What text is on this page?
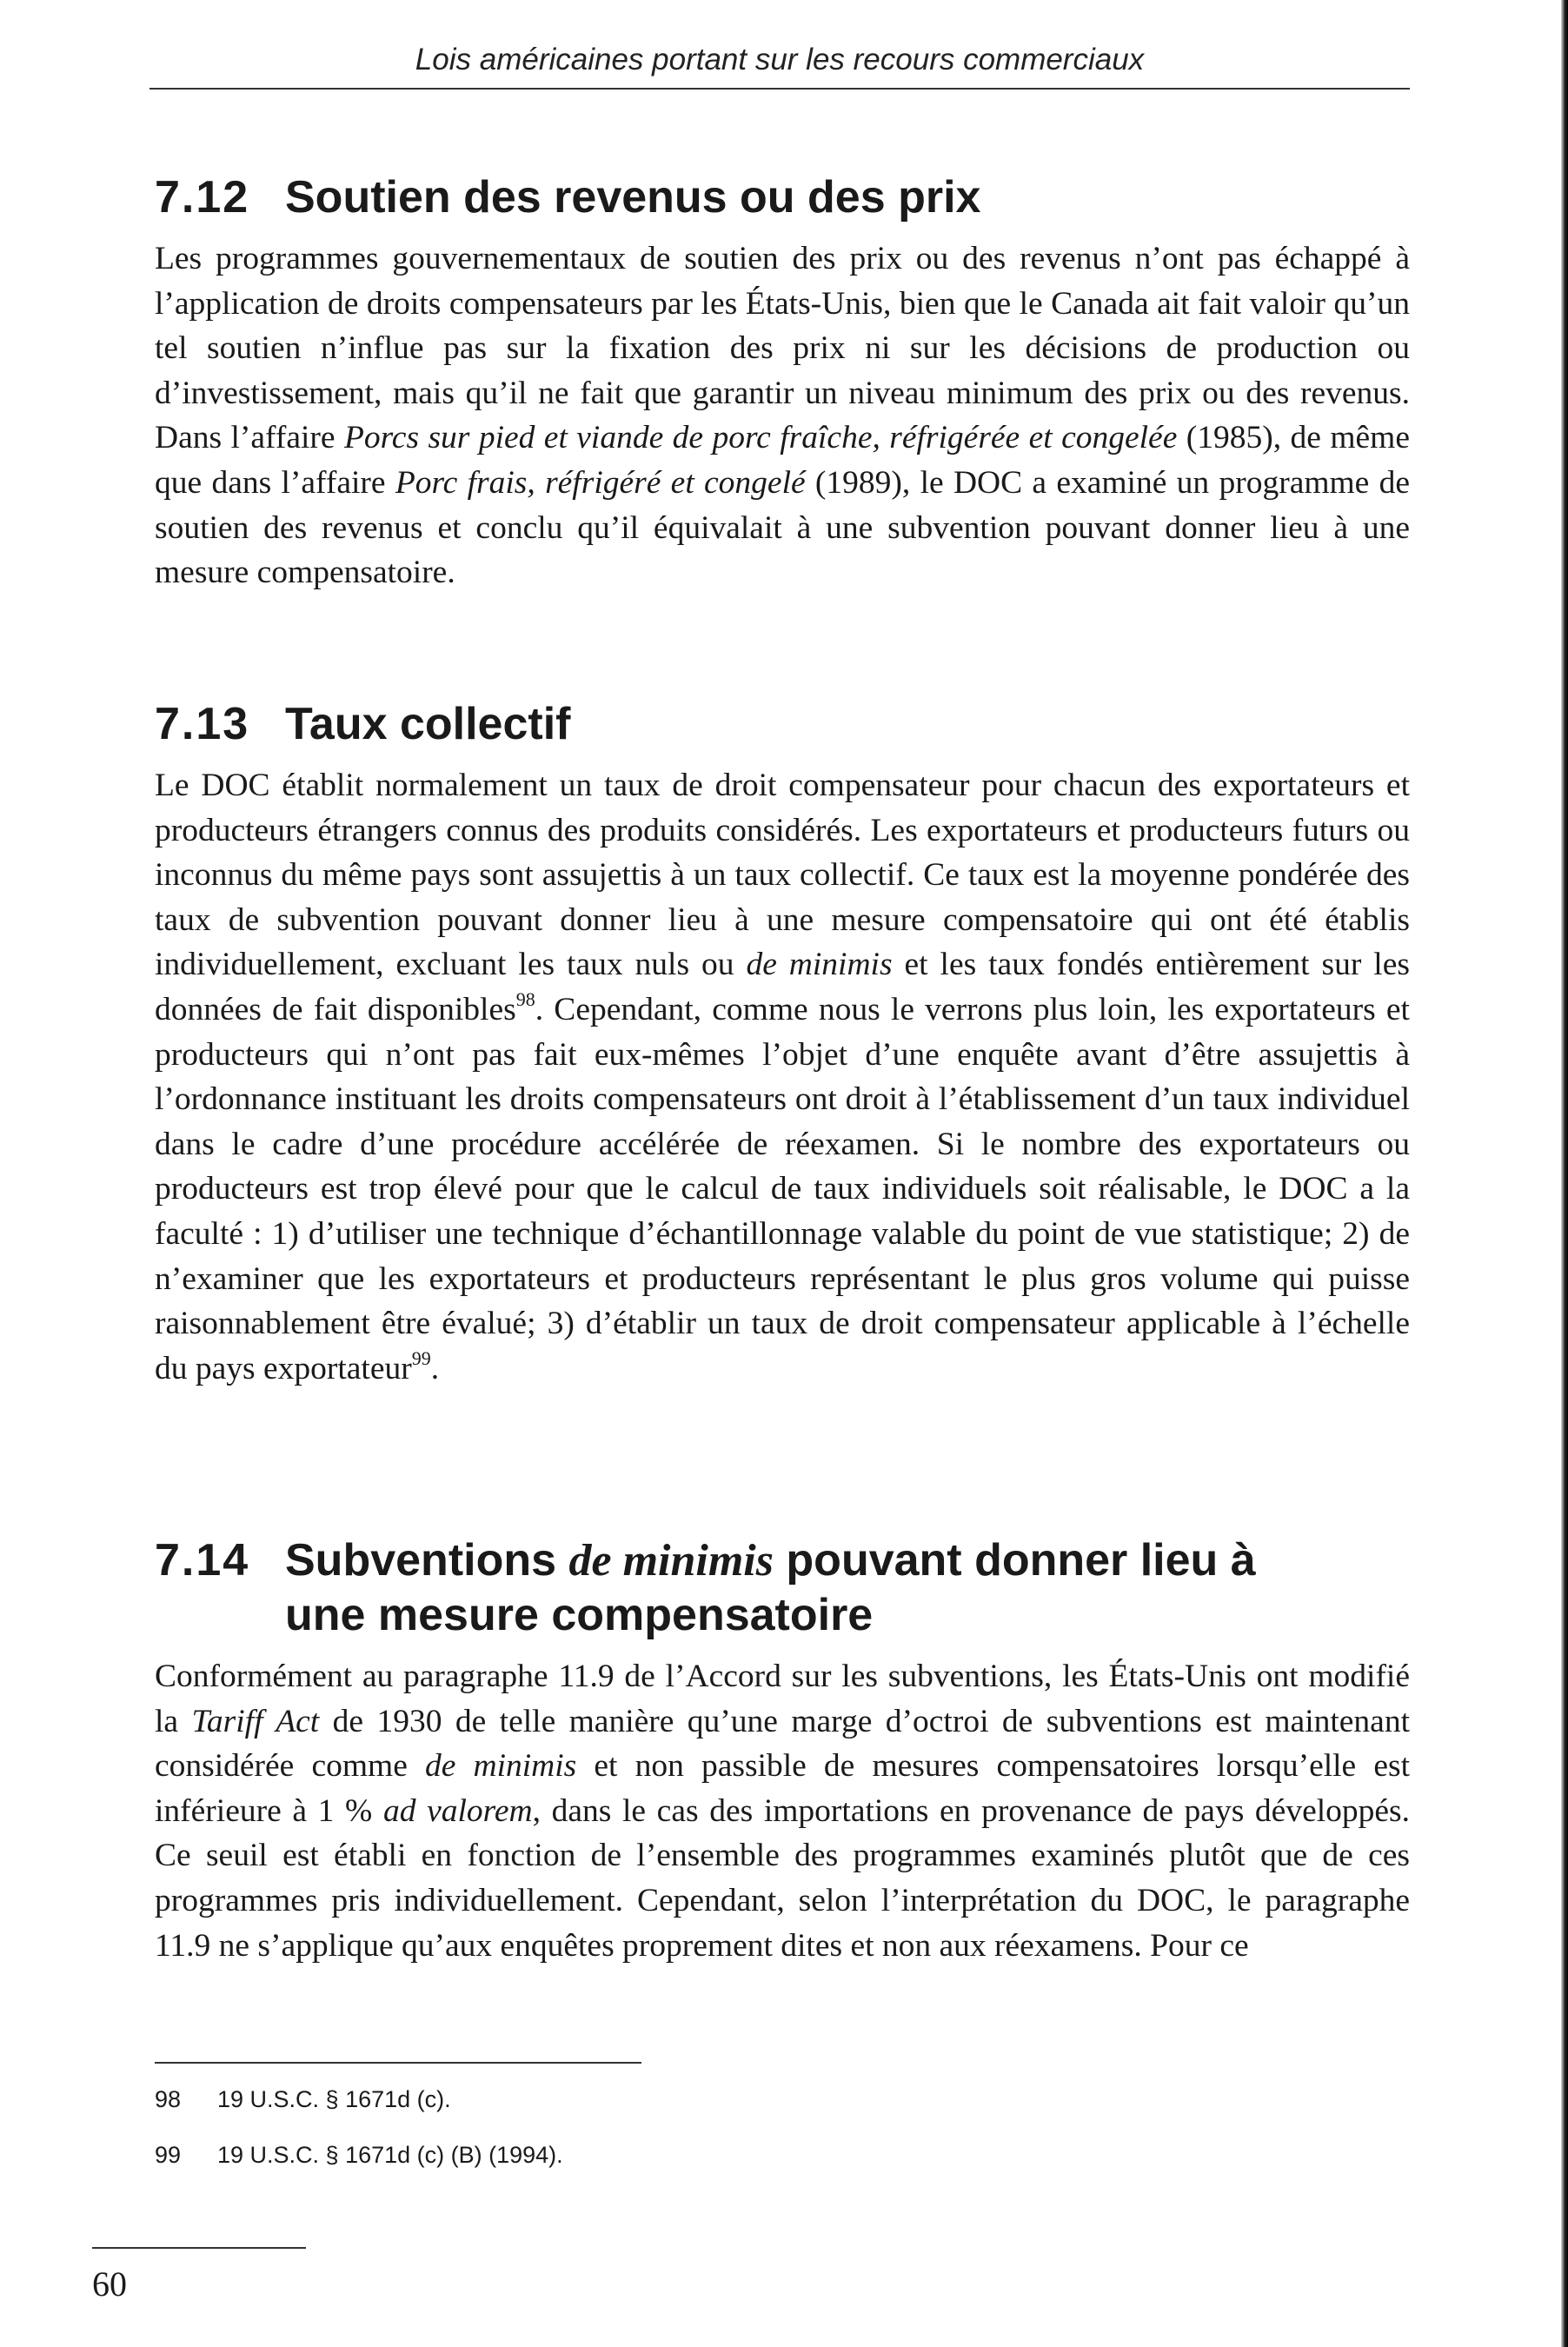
Lois américaines portant sur les recours commerciaux
7.12 Soutien des revenus ou des prix

Les programmes gouvernementaux de soutien des prix ou des revenus n’ont pas échappé à l’application de droits compensateurs par les États-Unis, bien que le Canada ait fait valoir qu’un tel soutien n’influe pas sur la fixation des prix ni sur les décisions de production ou d’investissement, mais qu’il ne fait que garantir un niveau minimum des prix ou des revenus. Dans l’affaire Porcs sur pied et viande de porc fraîche, réfrigérée et congelée (1985), de même que dans l’affaire Porc frais, réfrigéré et congelé (1989), le DOC a examiné un programme de soutien des revenus et conclu qu’il équivalait à une subvention pouvant donner lieu à une mesure compensatoire.

7.13 Taux collectif

Le DOC établit normalement un taux de droit compensateur pour chacun des exportateurs et producteurs étrangers connus des produits considérés. Les exportateurs et producteurs futurs ou inconnus du même pays sont assujettis à un taux collectif. Ce taux est la moyenne pondérée des taux de subvention pouvant donner lieu à une mesure compensatoire qui ont été établis individuellement, excluant les taux nuls ou de minimis et les taux fondés entièrement sur les données de fait disponibles$^{98}$. Cependant, comme nous le verrons plus loin, les exportateurs et producteurs qui n’ont pas fait eux-mêmes l’objet d’une enquête avant d’être assujettis à l’ordonnance instituant les droits compensateurs ont droit à l’établissement d’un taux individuel dans le cadre d’une procédure accélérée de réexamen. Si le nombre des exportateurs ou producteurs est trop élevé pour que le calcul de taux individuels soit réalisable, le DOC a la faculté : 1) d’utiliser une technique d’échantillonnage valable du point de vue statistique; 2) de n’examiner que les exportateurs et producteurs représentant le plus gros volume qui puisse raisonnablement être évalué; 3) d’établir un taux de droit compensateur applicable à l’échelle du pays exportateur$^{99}$.

7.14 Subventions de minimis pouvant donner lieu à une mesure compensatoire

Conformément au paragraphe 11.9 de l’Accord sur les subventions, les États-Unis ont modifié la Tariff Act de 1930 de telle manière qu’une marge d’octroi de subventions est maintenant considérée comme de minimis et non passible de mesures compensatoires lorsqu’elle est inférieure à 1 % ad valorem, dans le cas des importations en provenance de pays développés. Ce seuil est établi en fonction de l’ensemble des programmes examinés plutôt que de ces programmes pris individuellement. Cependant, selon l’interprétation du DOC, le paragraphe 11.9 ne s’applique qu’aux enquêtes proprement dites et non aux réexamens. Pour ce

98 19 U.S.C. § 1671d (c).
99 19 U.S.C. § 1671d (c) (B) (1994).
60
